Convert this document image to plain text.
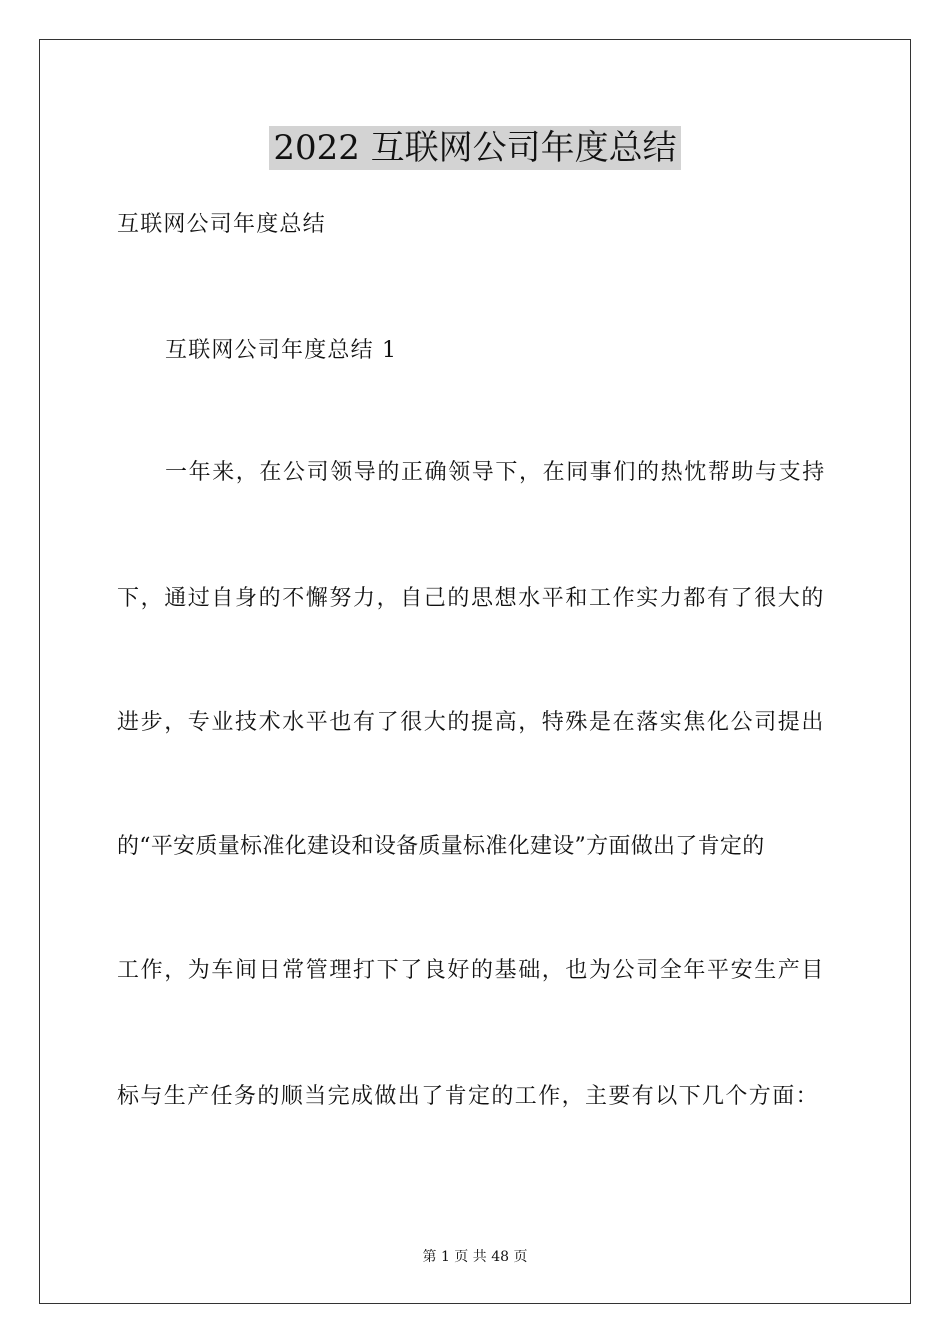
2022 互联网公司年度总结
互联网公司年度总结
互联网公司年度总结 1
一年来，在公司领导的正确领导下，在同事们的热忱帮助与支持
下，通过自身的不懈努力，自己的思想水平和工作实力都有了很大的
进步，专业技术水平也有了很大的提高，特殊是在落实焦化公司提出
的“平安质量标准化建设和设备质量标准化建设”方面做出了肯定的
工作，为车间日常管理打下了良好的基础，也为公司全年平安生产目
标与生产任务的顺当完成做出了肯定的工作，主要有以下几个方面：
第 1 页 共 48 页
